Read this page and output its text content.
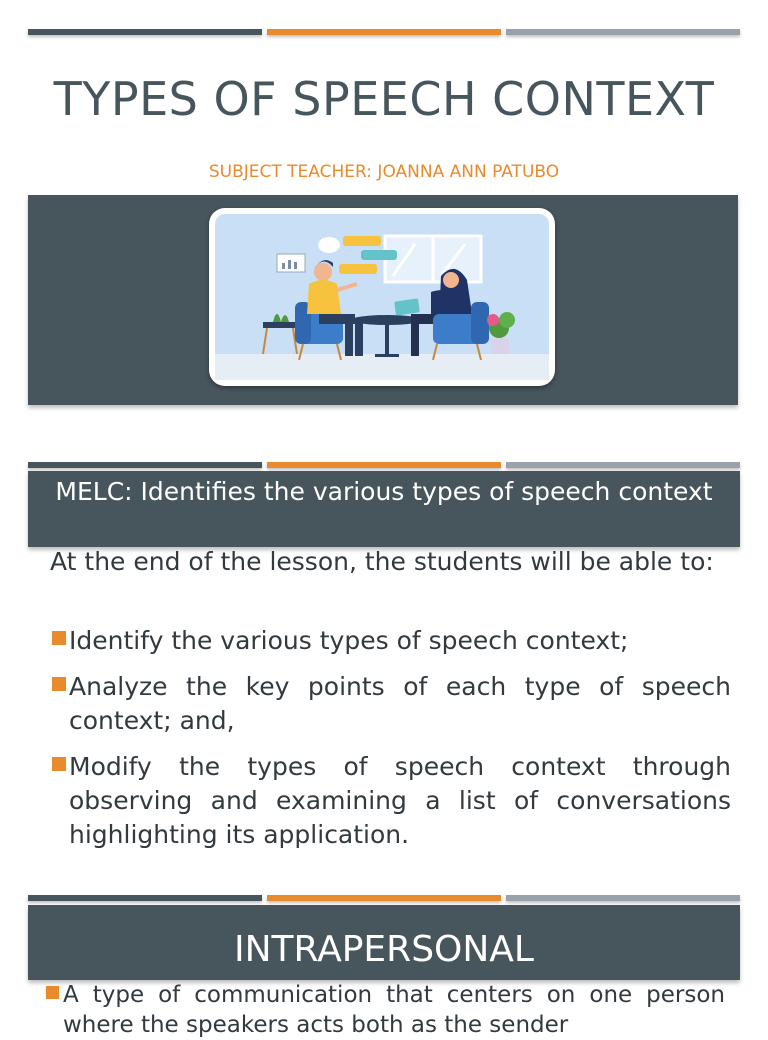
TYPES OF SPEECH CONTEXT
SUBJECT TEACHER: JOANNA ANN PATUBO
MELC: Identifies the various types of speech context
At the end of the lesson, the students will be able to:
Identify the various types of speech context;
Analyze the key points of each type of speech context; and,
Modify the types of speech context through observing and examining a list of conversations highlighting its application.
INTRAPERSONAL
A type of communication that centers on one person where the speakers acts both as the sender
